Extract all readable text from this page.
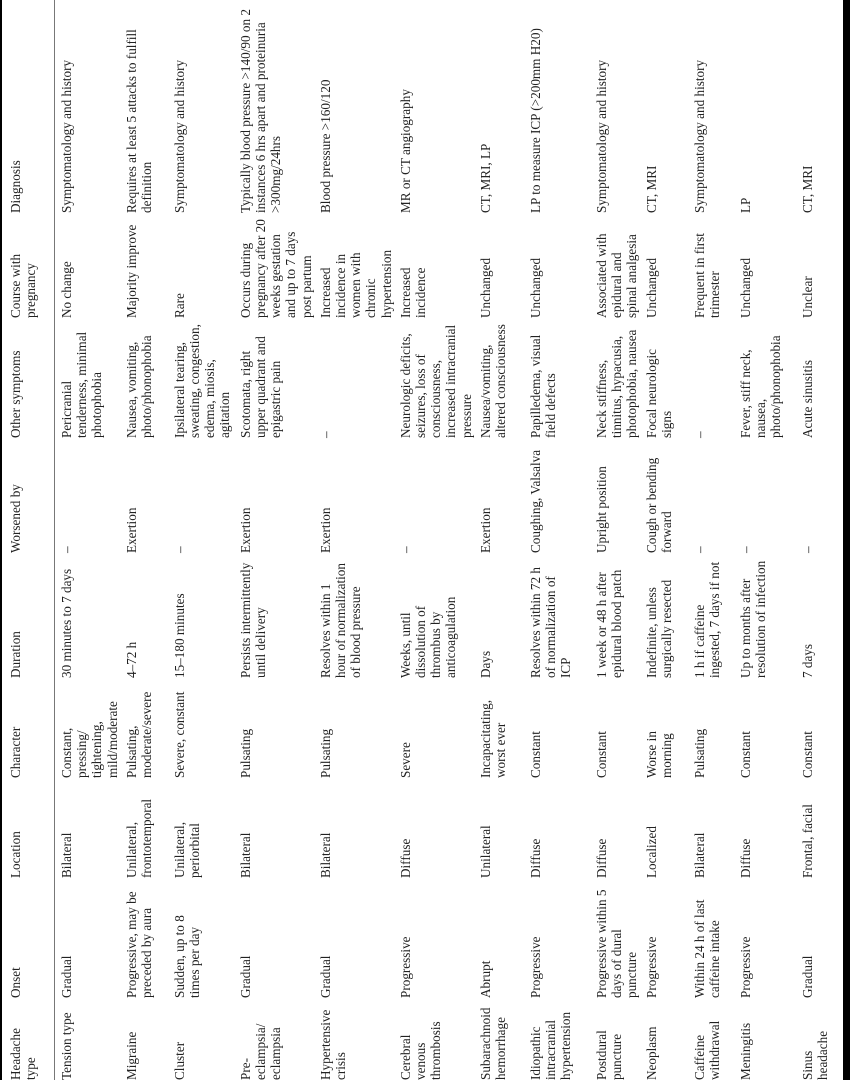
Headache type	Onset	Location	Character	Duration	Worsened by	Other symptoms	Course with pregnancy	Diagnosis
Tension type	Gradual	Bilateral	Constant, pressing/ tightening, mild/moderate	30 minutes to 7 days	–	Pericranial tenderness, minimal photophobia	No change	Symptomatology and history
Migraine	Progressive, may be preceded by aura	Unilateral, frontotemporal	Pulsating, moderate/severe	4–72 h	Exertion	Nausea, vomiting, photo/phonophobia	Majority improve	Requires at least 5 attacks to fulfill definition
Cluster	Sudden, up to 8 times per day	Unilateral, periorbital	Severe, constant	15–180 minutes	–	Ipsilateral tearing, sweating, congestion, edema, miosis, agitation	Rare	Symptomatology and history
Pre-eclampsia/ eclampsia	Gradual	Bilateral	Pulsating	Persists intermittently until delivery	Exertion	Scotomata, right upper quadrant and epigastric pain	Occurs during pregnancy after 20 weeks gestation and up to 7 days post partum	Typically blood pressure >140/90 on 2 instances 6 hrs apart and proteinuria >300mg/24hrs
Hypertensive crisis	Gradual	Bilateral	Pulsating	Resolves within 1 hour of normalization of blood pressure	Exertion	–	Increased incidence in women with chronic hypertension	Blood pressure >160/120
Cerebral venous thrombosis	Progressive	Diffuse	Severe	Weeks, until dissolution of thrombus by anticoagulation	–	Neurologic deficits, seizures, loss of consciousness, increased intracranial pressure	Increased incidence	MR or CT angiography
Subarachnoid hemorrhage	Abrupt	Unilateral	Incapacitating, worst ever	Days	Exertion	Nausea/vomiting, altered consciousness	Unchanged	CT, MRI, LP
Idiopathic intracranial hypertension	Progressive	Diffuse	Constant	Resolves within 72 h of normalization of ICP	Coughing, Valsalva	Papilledema, visual field defects	Unchanged	LP to measure ICP (>200mm H20)
Postdural puncture	Progressive within 5 days of dural puncture	Diffuse	Constant	1 week or 48 h after epidural blood patch	Upright position	Neck stiffness, tinnitus, hypacusia, photophobia, nausea	Associated with epidural and spinal analgesia	Symptomatology and history
Neoplasm	Progressive	Localized	Worse in morning	Indefinite, unless surgically resected	Cough or bending forward	Focal neurologic signs	Unchanged	CT, MRI
Caffeine withdrawal	Within 24 h of last caffeine intake	Bilateral	Pulsating	1 h if caffeine ingested, 7 days if not	–	–	Frequent in first trimester	Symptomatology and history
Meningitis	Progressive	Diffuse	Constant	Up to months after resolution of infection	–	Fever, stiff neck, nausea, photo/phonophobia	Unchanged	LP
Sinus headache	Gradual	Frontal, facial	Constant	7 days	–	Acute sinusitis	Unclear	CT, MRI
